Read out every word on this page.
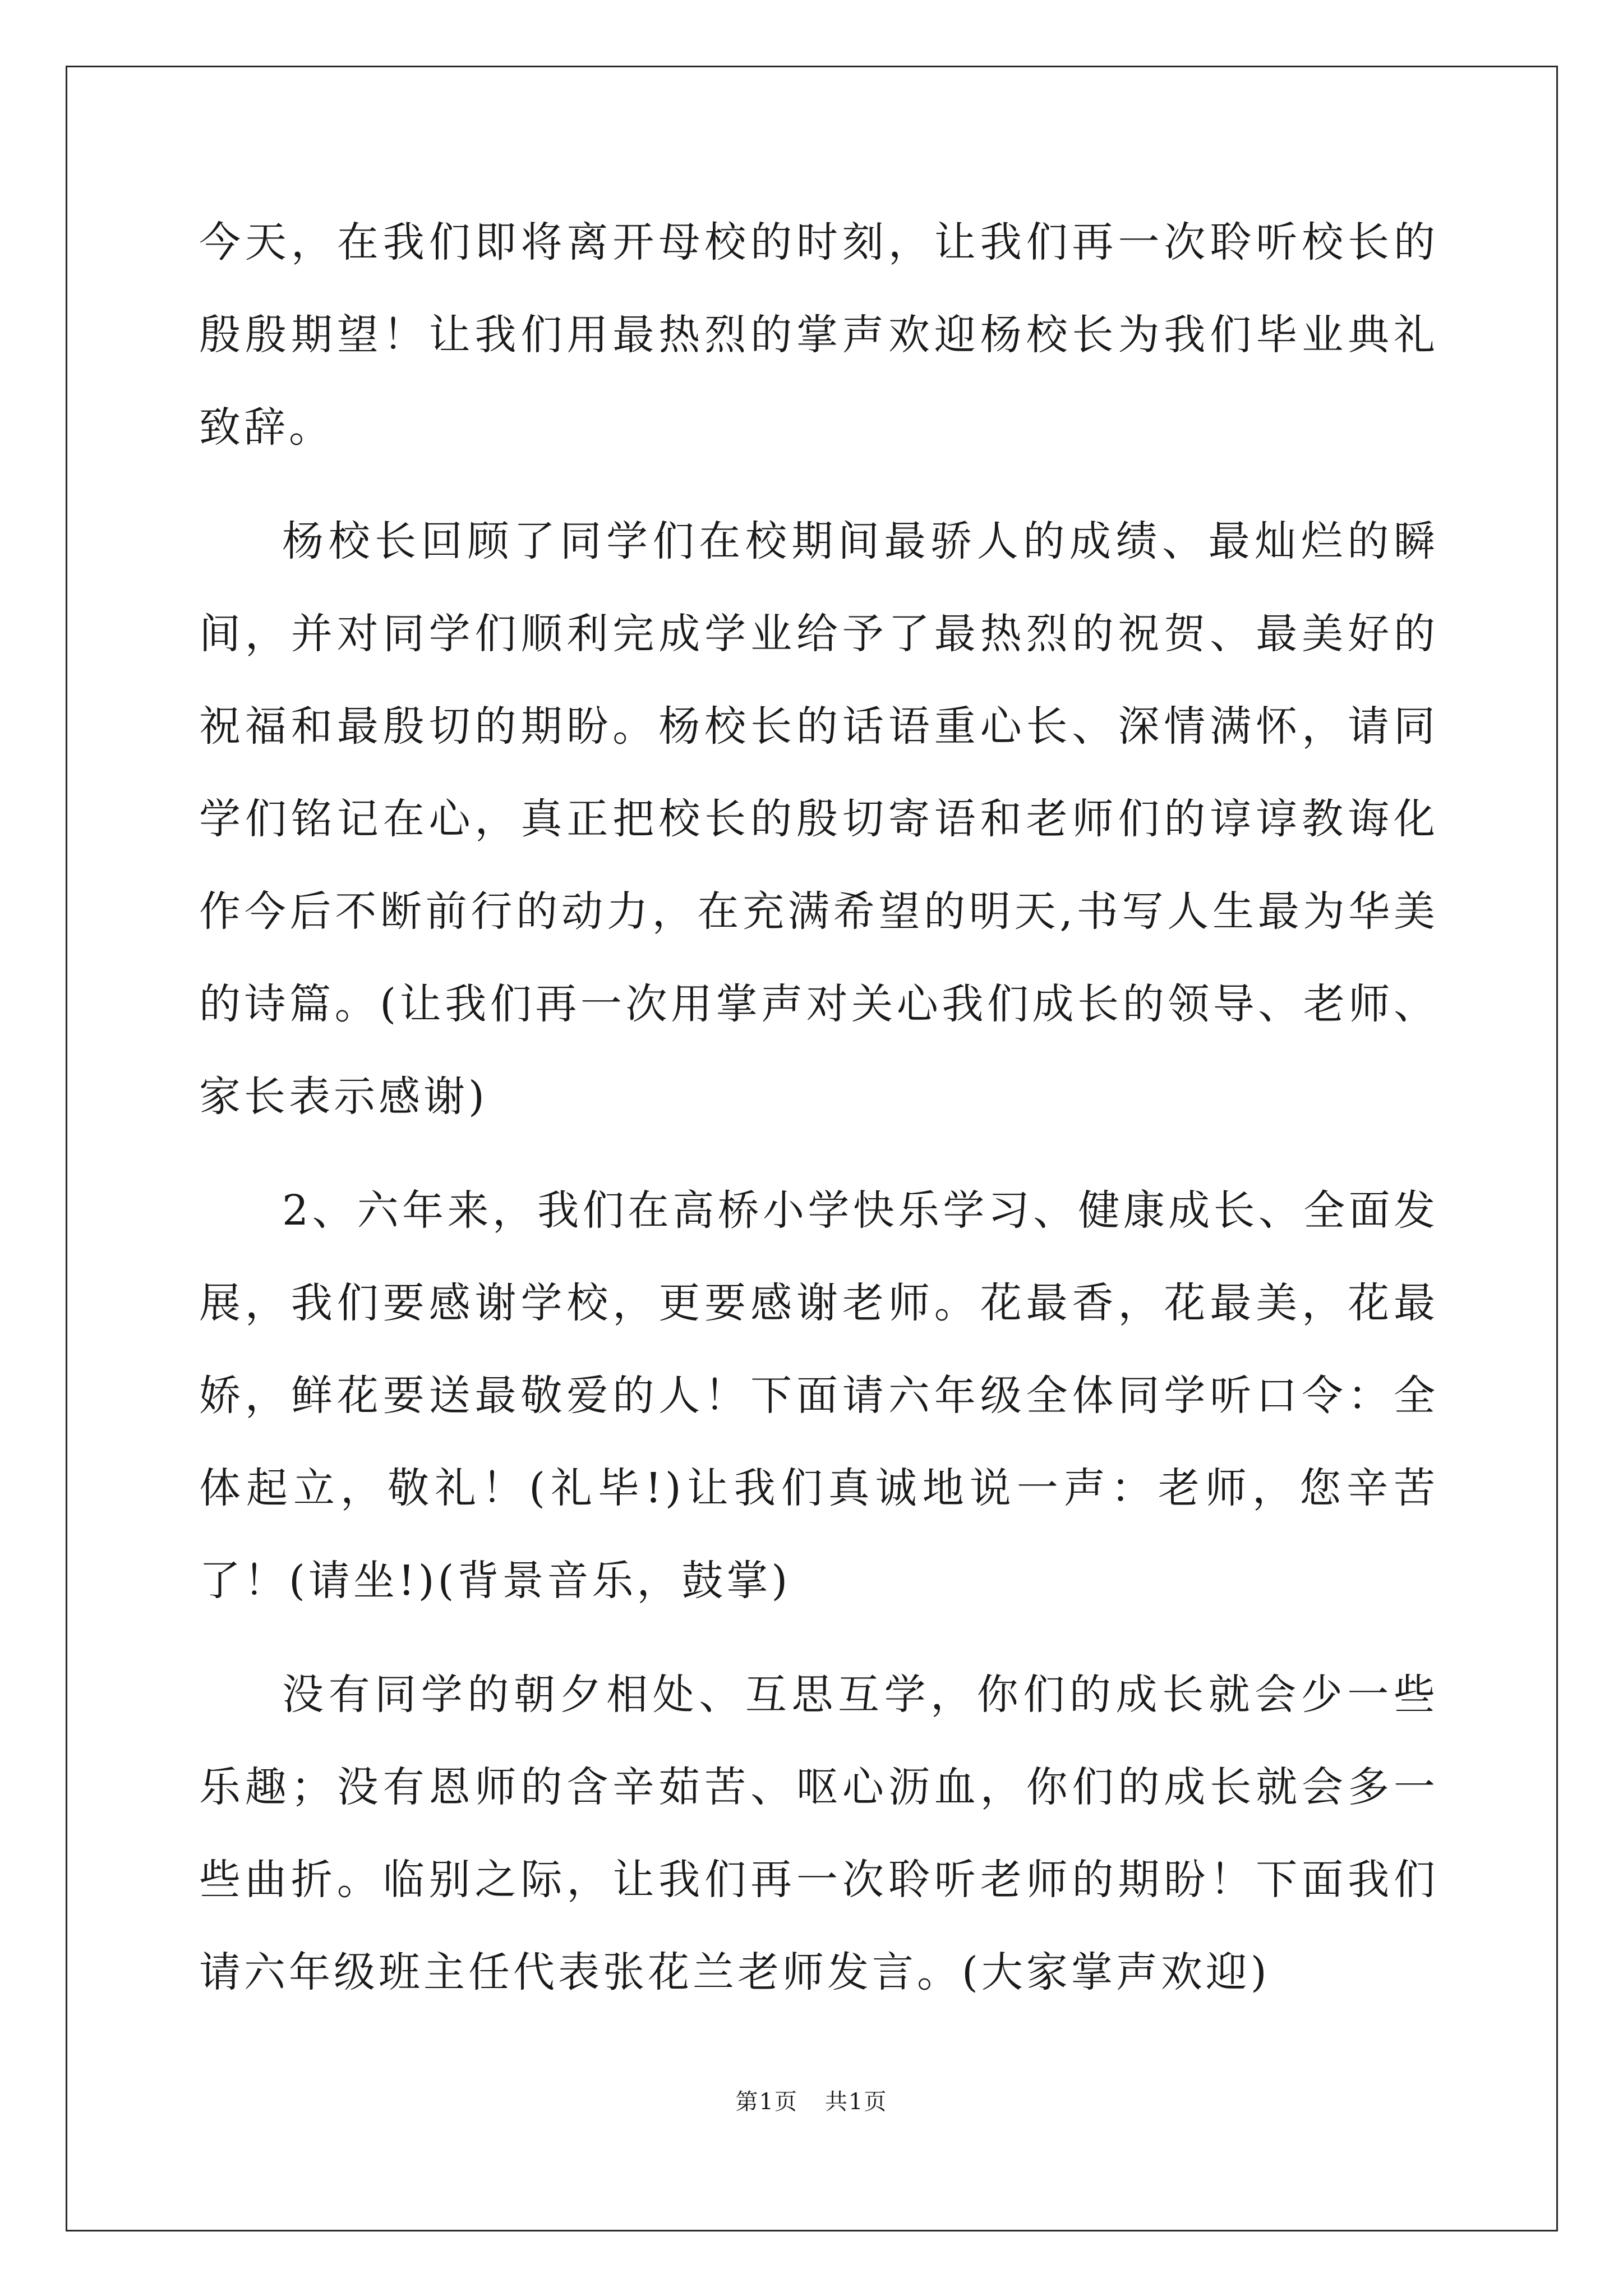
今天，在我们即将离开母校的时刻，让我们再一次聆听校长的殷殷期望！让我们用最热烈的掌声欢迎杨校长为我们毕业典礼致辞。

杨校长回顾了同学们在校期间最骄人的成绩、最灿烂的瞬间，并对同学们顺利完成学业给予了最热烈的祝贺、最美好的祝福和最殷切的期盼。杨校长的话语重心长、深情满怀，请同学们铭记在心，真正把校长的殷切寄语和老师们的谆谆教诲化作今后不断前行的动力，在充满希望的明天,书写人生最为华美的诗篇。(让我们再一次用掌声对关心我们成长的领导、老师、家长表示感谢)

2、六年来，我们在高桥小学快乐学习、健康成长、全面发展，我们要感谢学校，更要感谢老师。花最香，花最美，花最娇，鲜花要送最敬爱的人！下面请六年级全体同学听口令：全体起立，敬礼！(礼毕!)让我们真诚地说一声：老师，您辛苦了！(请坐!)(背景音乐，鼓掌)

没有同学的朝夕相处、互思互学，你们的成长就会少一些乐趣；没有恩师的含辛茹苦、呕心沥血，你们的成长就会多一些曲折。临别之际，让我们再一次聆听老师的期盼！下面我们请六年级班主任代表张花兰老师发言。(大家掌声欢迎)

第1页 共1页
